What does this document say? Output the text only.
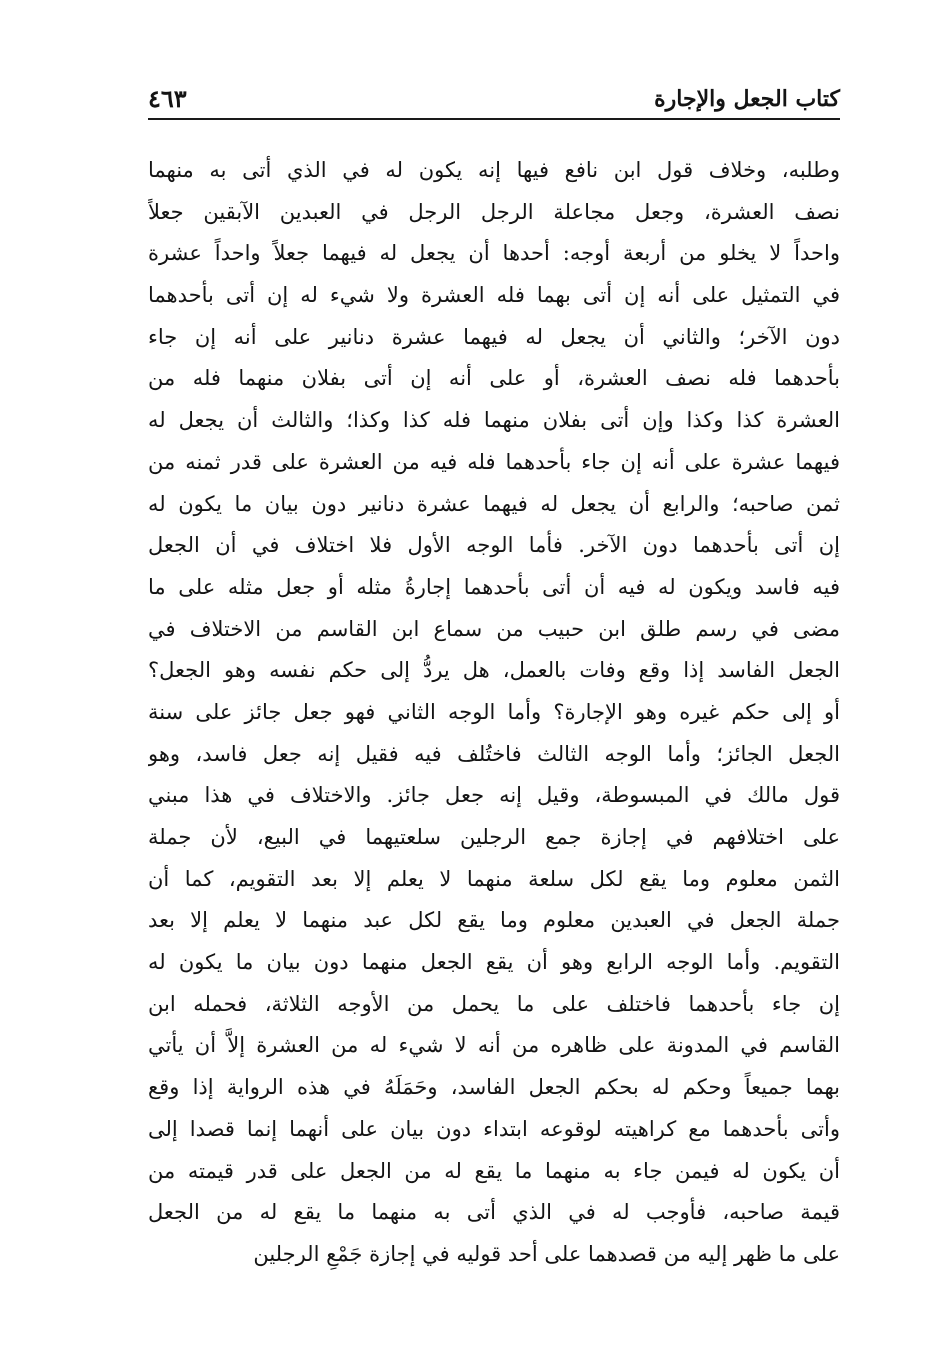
كتاب الجعل والإجارة
٤٦٣
وطلبه، وخلاف قول ابن نافع فيها إنه يكون له في الذي أتى به منهما
نصف العشرة، وجعل مجاعلة الرجل الرجل في العبدين الآبقين جعلاً
واحداً لا يخلو من أربعة أوجه: أحدها أن يجعل له فيهما جعلاً واحداً عشرة
في التمثيل على أنه إن أتى بهما فله العشرة ولا شيء له إن أتى بأحدهما
دون الآخر؛ والثاني أن يجعل له فيهما عشرة دنانير على أنه إن جاء
بأحدهما فله نصف العشرة، أو على أنه إن أتى بفلان منهما فله من
العشرة كذا وكذا وإن أتى بفلان منهما فله كذا وكذا؛ والثالث أن يجعل له
فيهما عشرة على أنه إن جاء بأحدهما فله فيه من العشرة على قدر ثمنه من
ثمن صاحبه؛ والرابع أن يجعل له فيهما عشرة دنانير دون بيان ما يكون له
إن أتى بأحدهما دون الآخر. فأما الوجه الأول فلا اختلاف في أن الجعل
فيه فاسد ويكون له فيه أن أتى بأحدهما إجارةُ مثله أو جعل مثله على ما
مضى في رسم طلق ابن حبيب من سماع ابن القاسم من الاختلاف في
الجعل الفاسد إذا وقع وفات بالعمل، هل يردُّ إلى حكم نفسه وهو الجعل؟
أو إلى حكم غيره وهو الإجارة؟ وأما الوجه الثاني فهو جعل جائز على سنة
الجعل الجائز؛ وأما الوجه الثالث فاختُلف فيه فقيل إنه جعل فاسد، وهو
قول مالك في المبسوطة، وقيل إنه جعل جائز. والاختلاف في هذا مبني
على اختلافهم في إجازة جمع الرجلين سلعتيهما في البيع، لأن جملة
الثمن معلوم وما يقع لكل سلعة منهما لا يعلم إلا بعد التقويم، كما أن
جملة الجعل في العبدين معلوم وما يقع لكل عبد منهما لا يعلم إلا بعد
التقويم. وأما الوجه الرابع وهو أن يقع الجعل منهما دون بيان ما يكون له
إن جاء بأحدهما فاختلف على ما يحمل من الأوجه الثلاثة، فحمله ابن
القاسم في المدونة على ظاهره من أنه لا شيء له من العشرة إلاَّ أن يأتي
بهما جميعاً وحكم له بحكم الجعل الفاسد، وحَمَلَهُ في هذه الرواية إذا وقع
وأتى بأحدهما مع كراهيته لوقوعه ابتداء دون بيان على أنهما إنما قصدا إلى
أن يكون له فيمن جاء به منهما ما يقع له من الجعل على قدر قيمته من
قيمة صاحبه، فأوجب له في الذي أتى به منهما ما يقع له من الجعل
على ما ظهر إليه من قصدهما على أحد قوليه في إجازة جَمْعِ الرجلين
